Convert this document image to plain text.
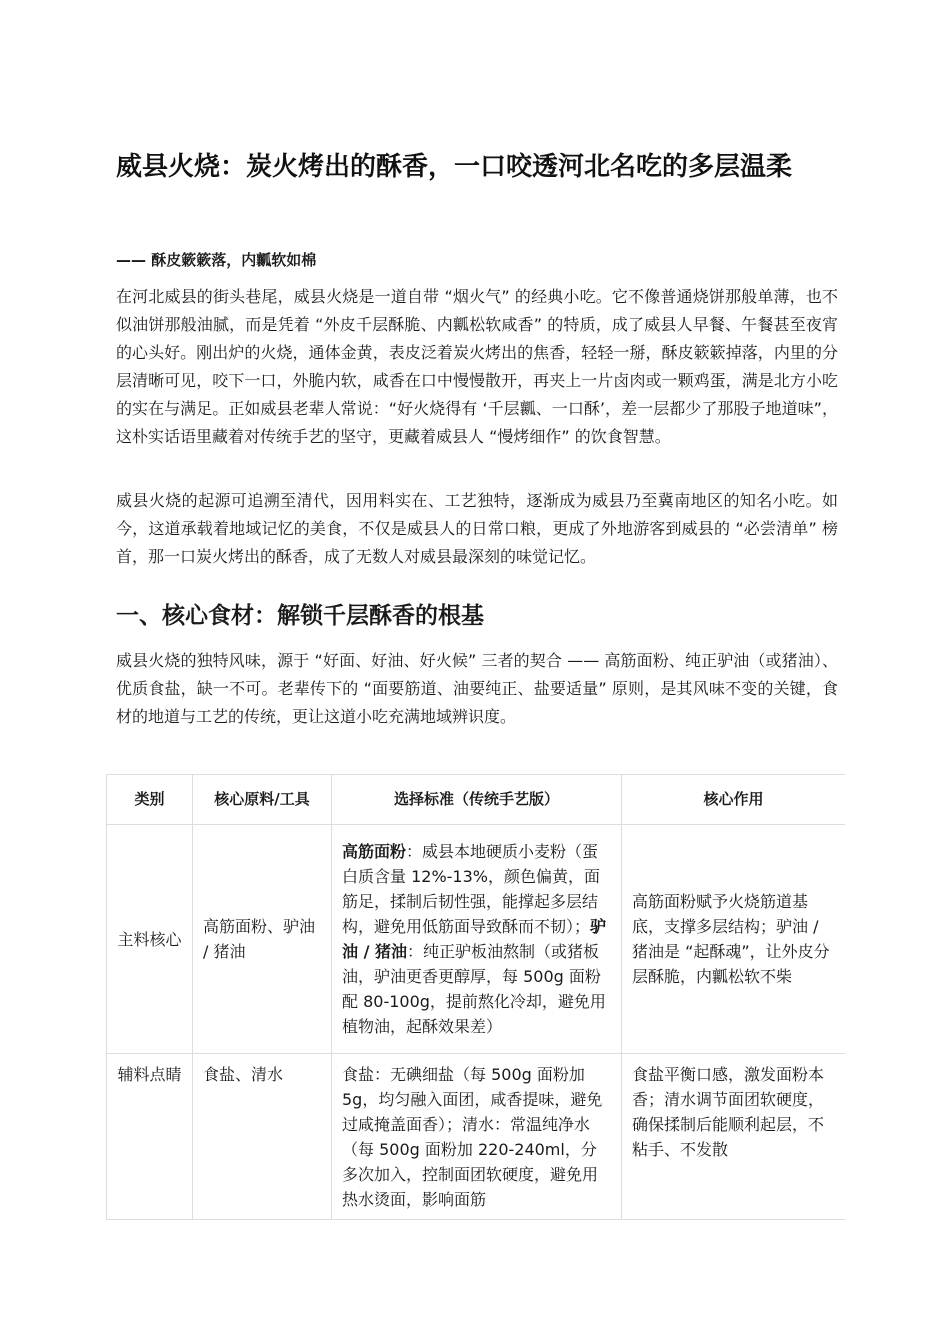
威县火烧：炭火烤出的酥香，一口咬透河北名吃的多层温柔

—— 酥皮簌簌落，内瓤软如棉

在河北威县的街头巷尾，威县火烧是一道自带 “烟火气” 的经典小吃。它不像普通烧饼那般单薄，也不似油饼那般油腻，而是凭着 “外皮千层酥脆、内瓤松软咸香” 的特质，成了威县人早餐、午餐甚至夜宵的心头好。刚出炉的火烧，通体金黄，表皮泛着炭火烤出的焦香，轻轻一掰，酥皮簌簌掉落，内里的分层清晰可见，咬下一口，外脆内软，咸香在口中慢慢散开，再夹上一片卤肉或一颗鸡蛋，满是北方小吃的实在与满足。正如威县老辈人常说：“好火烧得有 ‘千层瓤、一口酥’，差一层都少了那股子地道味”，这朴实话语里藏着对传统手艺的坚守，更藏着威县人 “慢烤细作” 的饮食智慧。

威县火烧的起源可追溯至清代，因用料实在、工艺独特，逐渐成为威县乃至冀南地区的知名小吃。如今，这道承载着地域记忆的美食，不仅是威县人的日常口粮，更成了外地游客到威县的 “必尝清单” 榜首，那一口炭火烤出的酥香，成了无数人对威县最深刻的味觉记忆。

一、核心食材：解锁千层酥香的根基

威县火烧的独特风味，源于 “好面、好油、好火候” 三者的契合 —— 高筋面粉、纯正驴油（或猪油）、优质食盐，缺一不可。老辈传下的 “面要筋道、油要纯正、盐要适量” 原则，是其风味不变的关键，食材的地道与工艺的传统，更让这道小吃充满地域辨识度。

类别	核心原料/工具	选择标准（传统手艺版）	核心作用
主料核心	高筋面粉、驴油 / 猪油	高筋面粉：威县本地硬质小麦粉（蛋白质含量 12%-13%，颜色偏黄，面筋足，揉制后韧性强，能撑起多层结构，避免用低筋面导致酥而不韧）；驴油 / 猪油：纯正驴板油熬制（或猪板油，驴油更香更醇厚，每 500g 面粉配 80-100g，提前熬化冷却，避免用植物油，起酥效果差）	高筋面粉赋予火烧筋道基底，支撑多层结构；驴油 / 猪油是 “起酥魂”，让外皮分层酥脆，内瓤松软不柴
辅料点睛	食盐、清水	食盐：无碘细盐（每 500g 面粉加 5g，均匀融入面团，咸香提味，避免过咸掩盖面香）；清水：常温纯净水（每 500g 面粉加 220-240ml，分多次加入，控制面团软硬度，避免用热水烫面，影响面筋	食盐平衡口感，激发面粉本香；清水调节面团软硬度，确保揉制后能顺利起层，不粘手、不发散
